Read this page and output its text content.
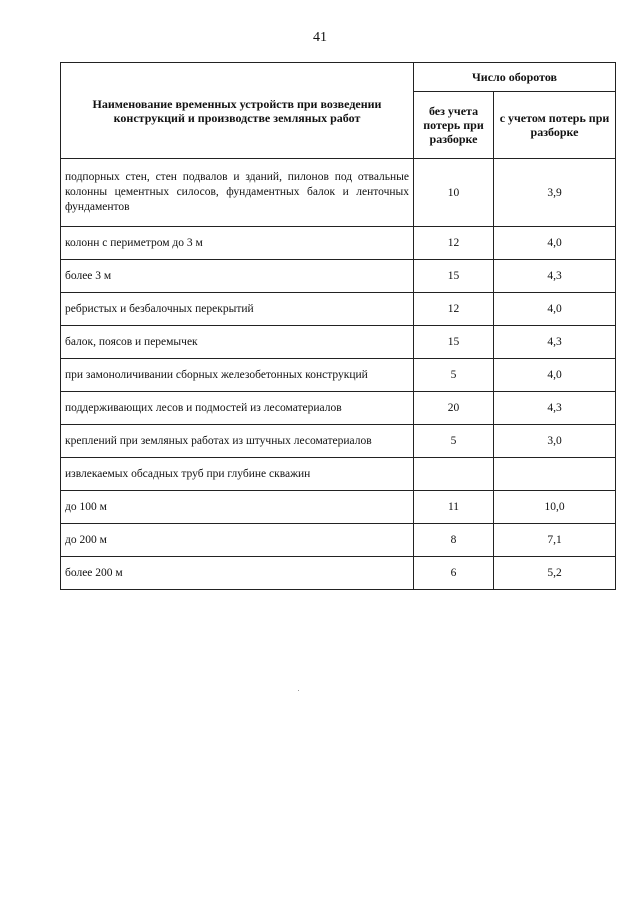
41
Наименование временных устройств при возведении конструкций и производстве земляных работ	Число оборотов	
	без учета потерь при разборке	с учетом потерь при разборке
подпорных стен, стен подвалов и зданий, пилонов под отвальные колонны цементных силосов, фундаментных балок и ленточных фундаментов	10	3,9
колонн с периметром до 3 м	12	4,0
более 3 м	15	4,3
ребристых и безбалочных перекрытий	12	4,0
балок, поясов и перемычек	15	4,3
при замоноличивании сборных железобетонных конструкций	5	4,0
поддерживающих лесов и подмостей из лесоматериалов	20	4,3
креплений при земляных работах из штучных лесоматериалов	5	3,0
извлекаемых обсадных труб при глубине скважин		
до 100 м	11	10,0
до 200 м	8	7,1
более 200 м	6	5,2
